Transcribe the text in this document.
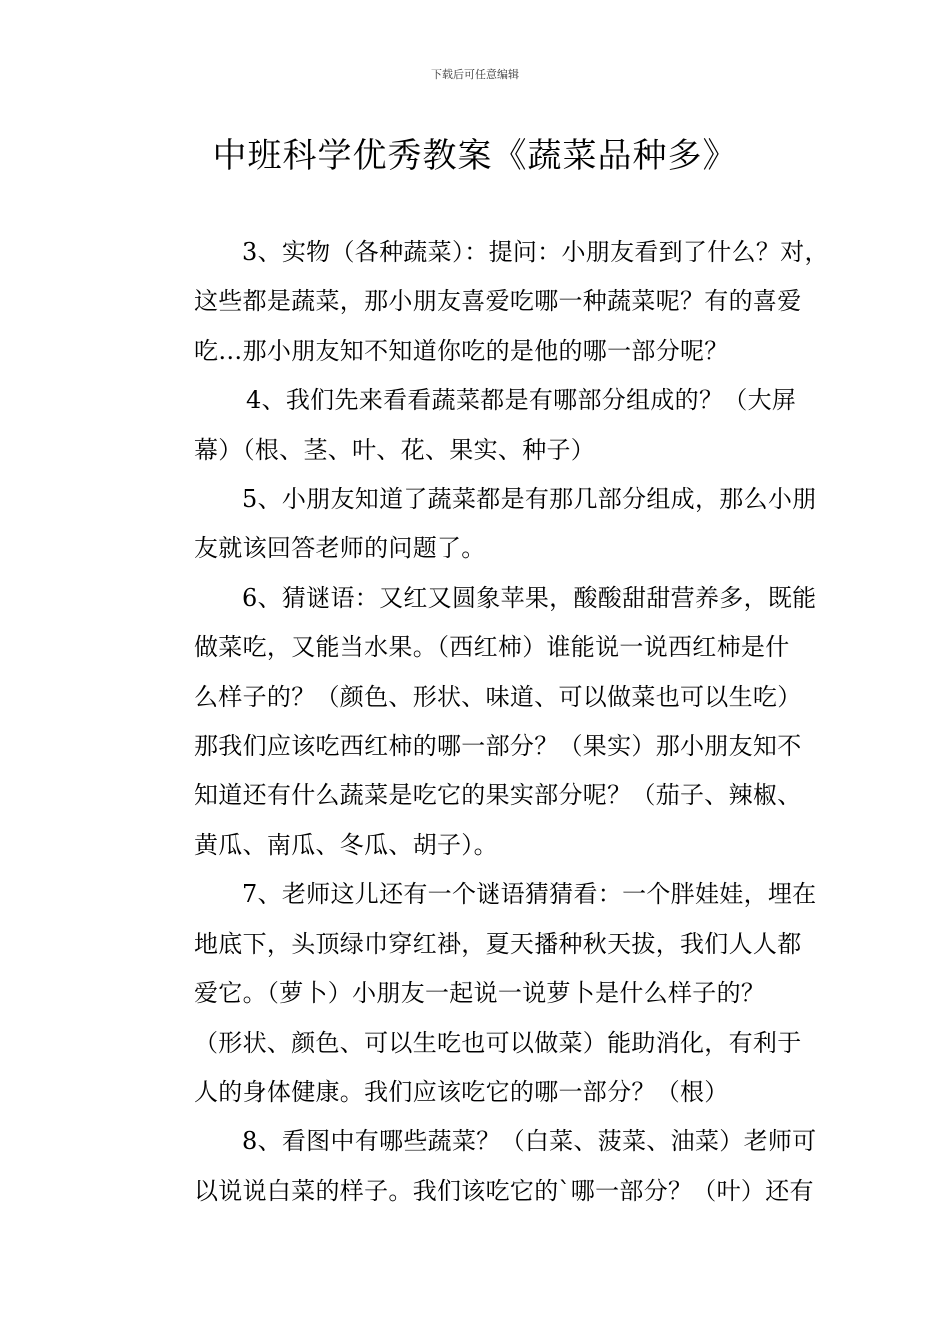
下载后可任意编辑
中班科学优秀教案《蔬菜品种多》
3、实物（各种蔬菜）：提问：小朋友看到了什么？对，
这些都是蔬菜，那小朋友喜爱吃哪一种蔬菜呢？有的喜爱
吃…那小朋友知不知道你吃的是他的哪一部分呢？
4、我们先来看看蔬菜都是有哪部分组成的？（大屏
幕）（根、茎、叶、花、果实、种子）
5、小朋友知道了蔬菜都是有那几部分组成，那么小朋
友就该回答老师的问题了。
6、猜谜语：又红又圆象苹果，酸酸甜甜营养多，既能
做菜吃，又能当水果。（西红柿）谁能说一说西红柿是什
么样子的？（颜色、形状、味道、可以做菜也可以生吃）
那我们应该吃西红柿的哪一部分？（果实）那小朋友知不
知道还有什么蔬菜是吃它的果实部分呢？（茄子、辣椒、
黄瓜、南瓜、冬瓜、胡子）。
7、老师这儿还有一个谜语猜猜看：一个胖娃娃，埋在
地底下，头顶绿巾穿红褂，夏天播种秋天拔，我们人人都
爱它。（萝卜）小朋友一起说一说萝卜是什么样子的？
（形状、颜色、可以生吃也可以做菜）能助消化，有利于
人的身体健康。我们应该吃它的哪一部分？（根）
8、看图中有哪些蔬菜？（白菜、菠菜、油菜）老师可
以说说白菜的样子。我们该吃它的`哪一部分？（叶）还有
